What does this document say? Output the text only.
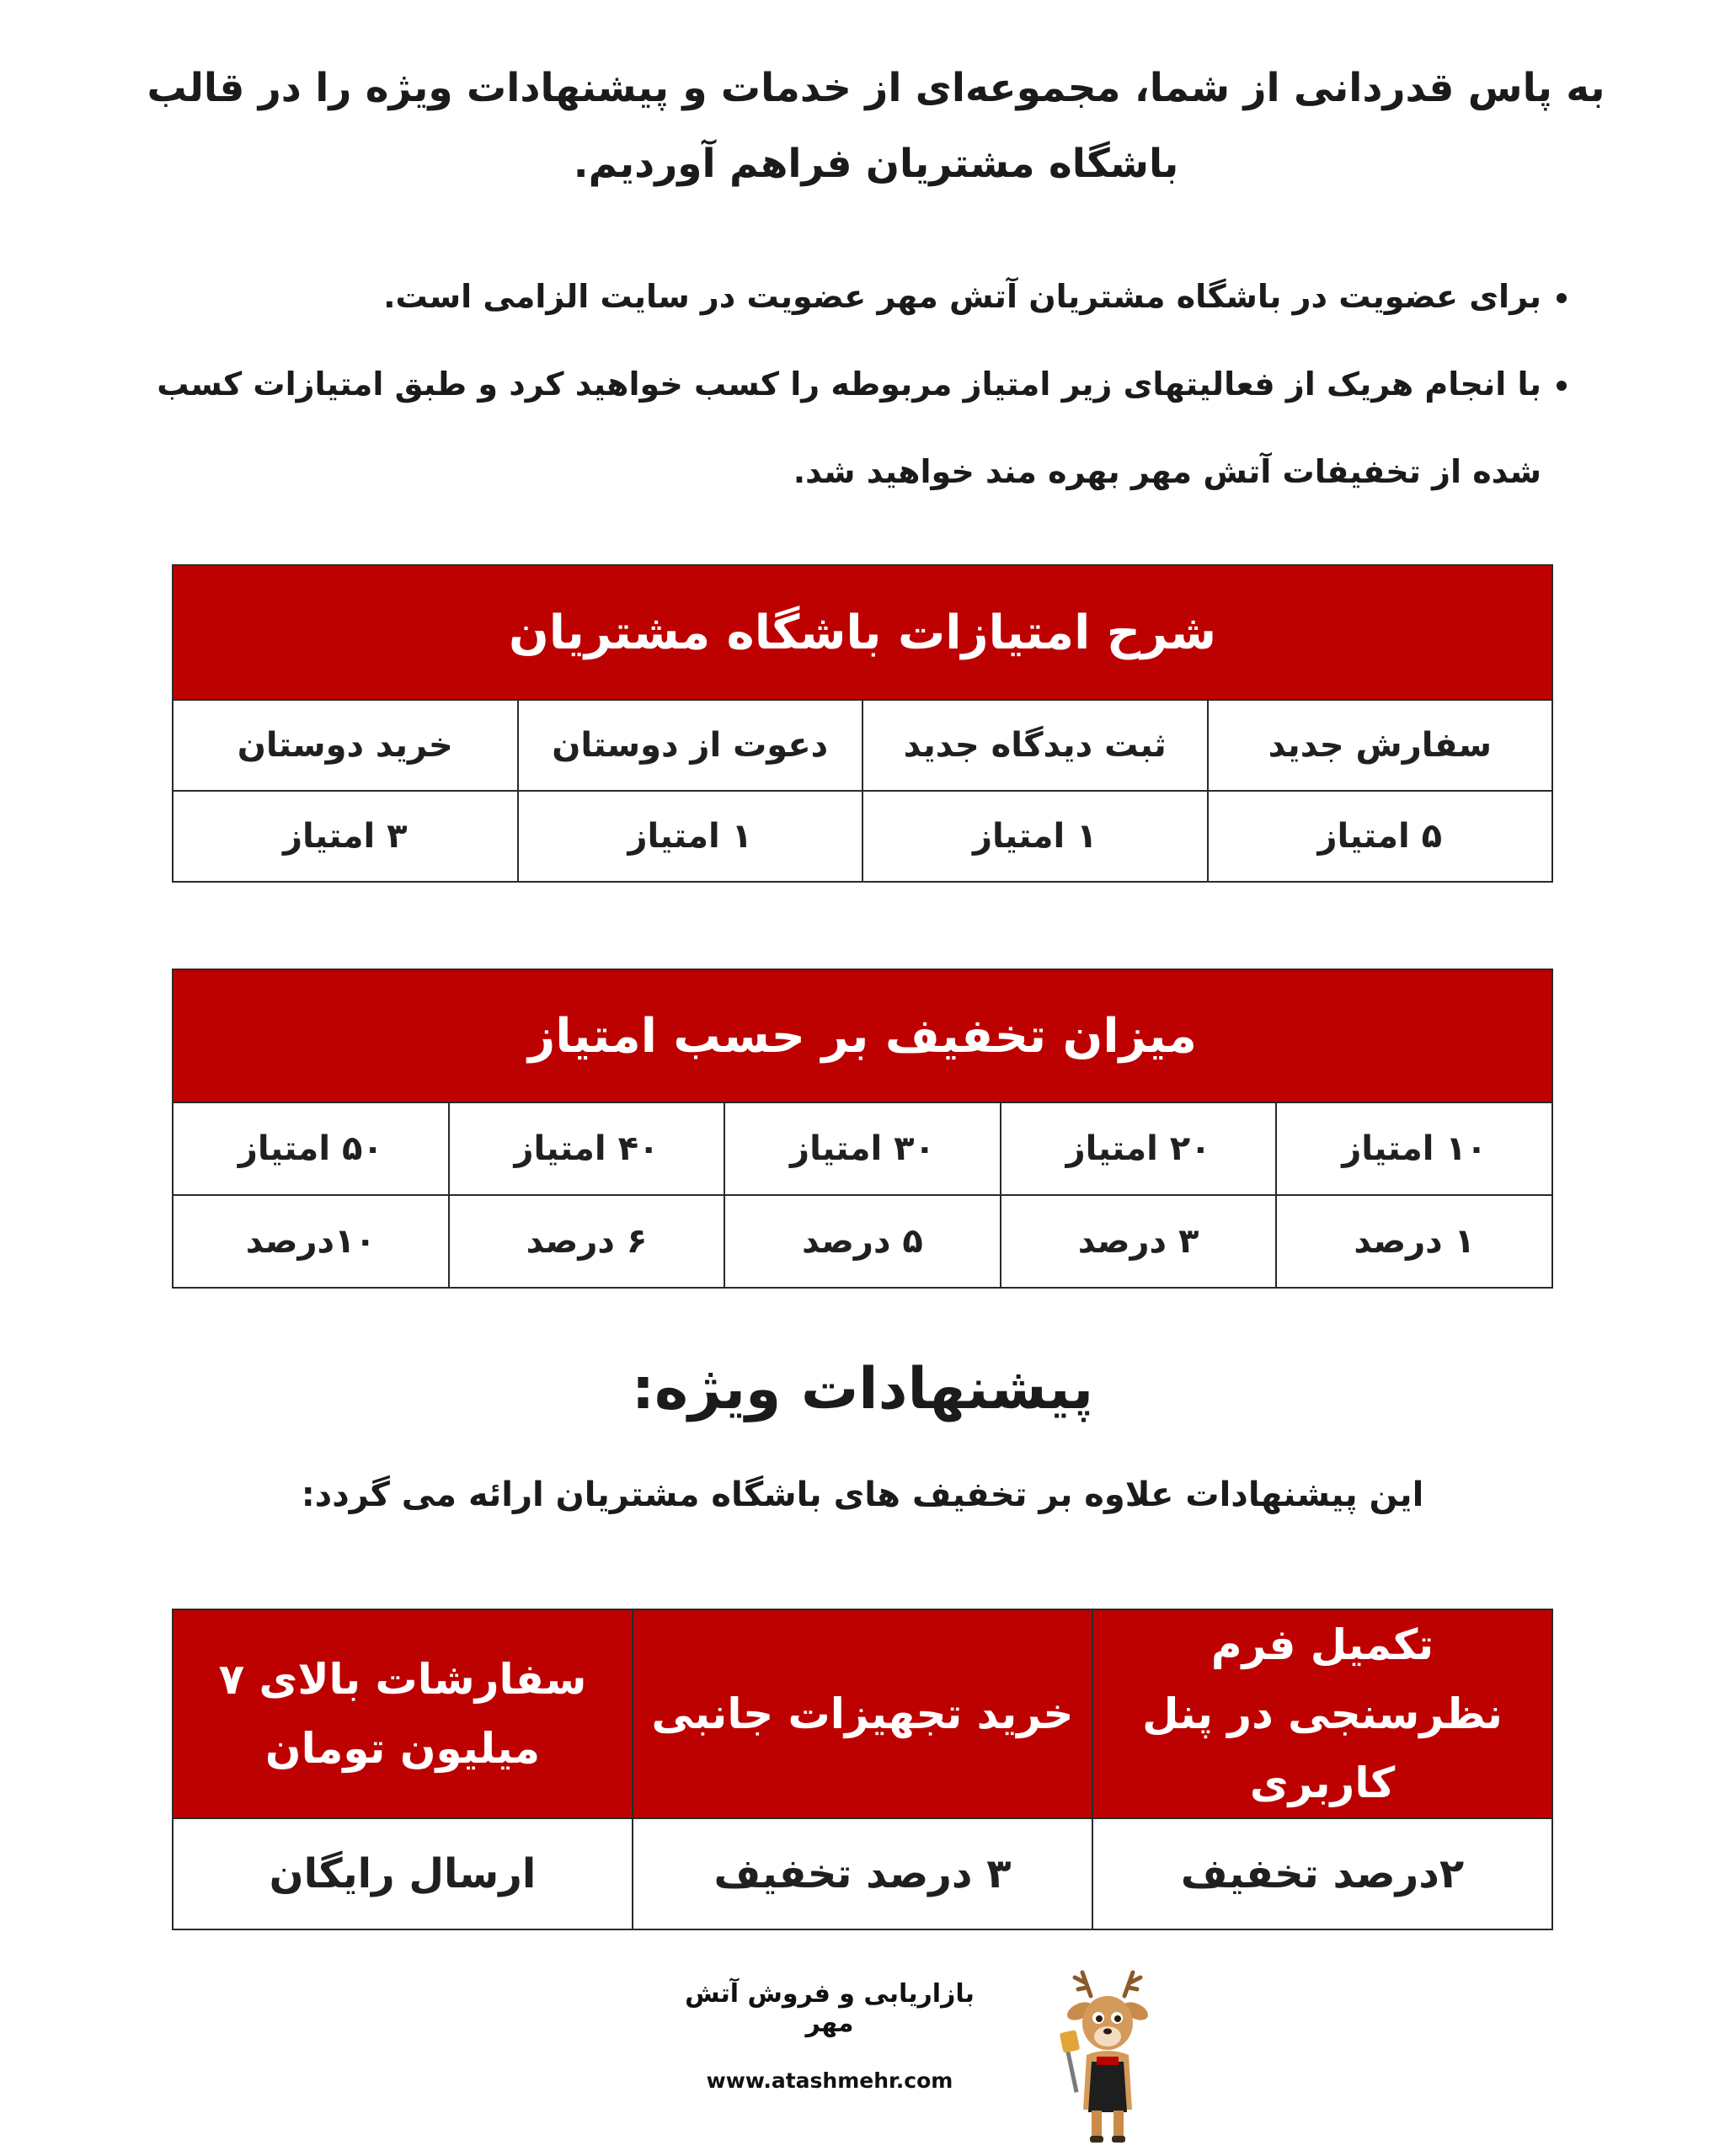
به پاس قدردانی از شما، مجموعه‌ای از خدمات و پیشنهادات ویژه را در قالب باشگاه مشتریان فراهم آوردیم.
• برای عضویت در باشگاه مشتریان آتش مهر عضویت در سایت الزامی است.
• با انجام هریک از فعالیتهای زیر امتیاز مربوطه را کسب خواهید کرد و طبق امتیازات کسب شده از تخفیفات آتش مهر بهره مند خواهید شد.
شرح امتیازات باشگاه مشتریان			
سفارش جدید	ثبت دیدگاه جدید	دعوت از دوستان	خرید دوستان
۵ امتیاز	۱ امتیاز	۱ امتیاز	۳ امتیاز
میزان تخفیف بر حسب امتیاز				
۱۰ امتیاز	۲۰ امتیاز	۳۰ امتیاز	۴۰ امتیاز	۵۰ امتیاز
۱ درصد	۳ درصد	۵ درصد	۶ درصد	۱۰درصد
پیشنهادات ویژه:
این پیشنهادات علاوه بر تخفیف های باشگاه مشتریان ارائه می گردد:
تکمیل فرم نظرسنجی در پنل کاربری	خرید تجهیزات جانبی	سفارشات بالای ۷ میلیون تومان
۲درصد تخفیف	۳ درصد تخفیف	ارسال رایگان
بازاریابی و فروش آتش مهر
www.atashmehr.com
